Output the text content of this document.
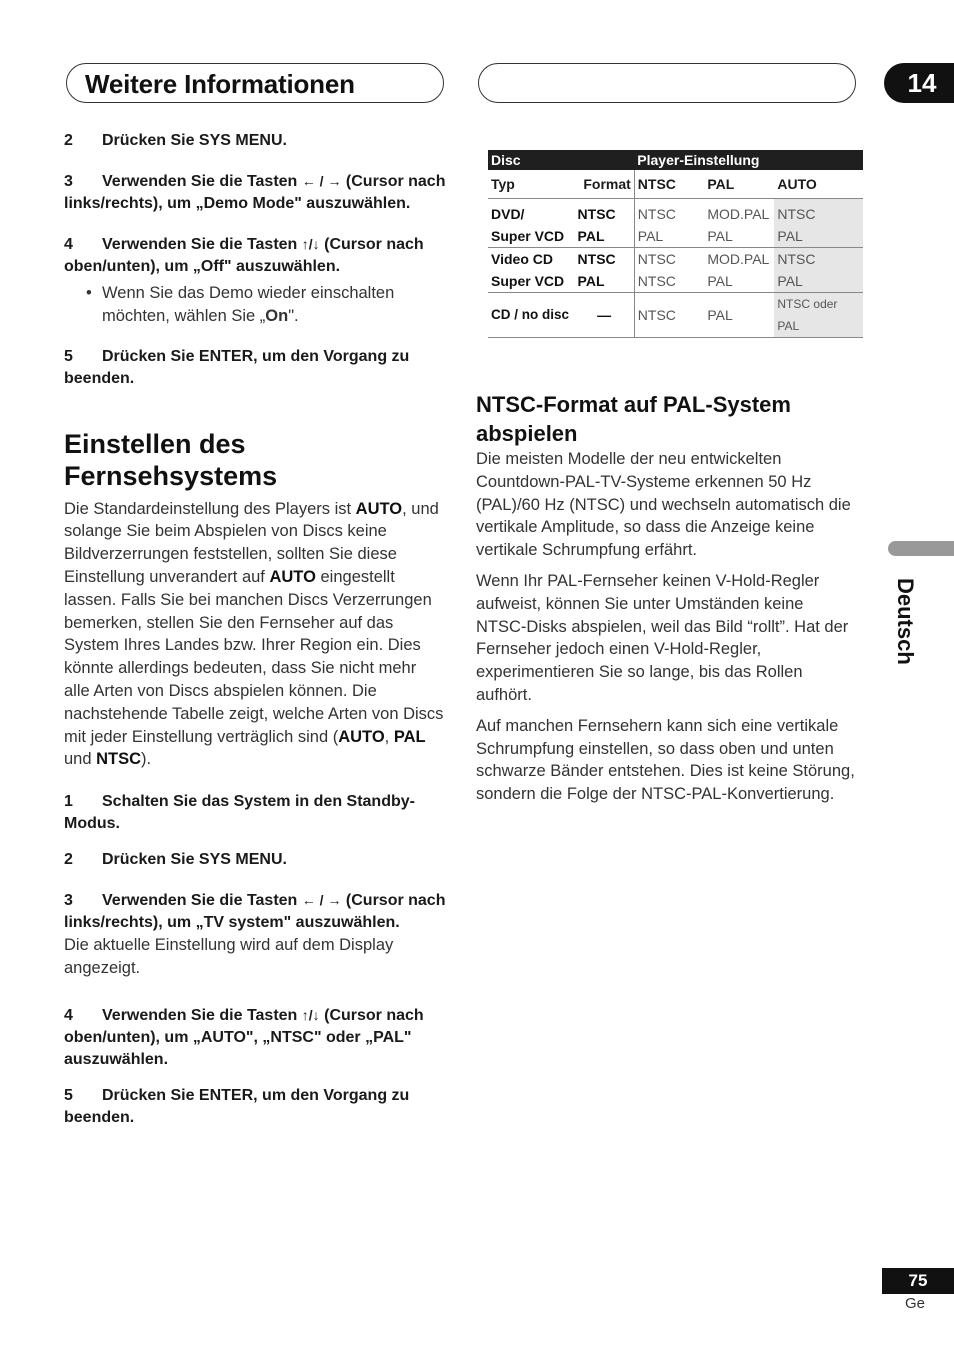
Weitere Informationen	14
2 Drücken Sie SYS MENU.
3 Verwenden Sie die Tasten ← / → (Cursor nach links/rechts), um „Demo Mode" auszuwählen.
4 Verwenden Sie die Tasten ↑/↓ (Cursor nach oben/unten), um „Off" auszuwählen.
• Wenn Sie das Demo wieder einschalten möchten, wählen Sie „On".
5 Drücken Sie ENTER, um den Vorgang zu beenden.
Einstellen des Fernsehsystems

Die Standardeinstellung des Players ist AUTO, und solange Sie beim Abspielen von Discs keine Bildverzerrungen feststellen, sollten Sie diese Einstellung unverandert auf AUTO eingestellt lassen. Falls Sie bei manchen Discs Verzerrungen bemerken, stellen Sie den Fernseher auf das System Ihres Landes bzw. Ihrer Region ein. Dies könnte allerdings bedeuten, dass Sie nicht mehr alle Arten von Discs abspielen können. Die nachstehende Tabelle zeigt, welche Arten von Discs mit jeder Einstellung verträglich sind (AUTO, PAL und NTSC).

1 Schalten Sie das System in den Standby-Modus.
2 Drücken Sie SYS MENU.
3 Verwenden Sie die Tasten ← / → (Cursor nach links/rechts), um „TV system" auszuwählen.

Die aktuelle Einstellung wird auf dem Display angezeigt.

4 Verwenden Sie die Tasten ↑/↓ (Cursor nach oben/unten), um „AUTO", „NTSC" oder „PAL" auszuwählen.
5 Drücken Sie ENTER, um den Vorgang zu beenden.
Disc		Player-Einstellung		
Typ	Format	NTSC	PAL	AUTO
DVD/	NTSC	NTSC	MOD.PAL	NTSC
Super VCD	PAL	PAL	PAL	PAL
Video CD	NTSC	NTSC	MOD.PAL	NTSC
Super VCD	PAL	NTSC	PAL	PAL
CD / no disc	—	NTSC	PAL	NTSC oder PAL
NTSC-Format auf PAL-System abspielen

Die meisten Modelle der neu entwickelten Countdown-PAL-TV-Systeme erkennen 50 Hz (PAL)/60 Hz (NTSC) und wechseln automatisch die vertikale Amplitude, so dass die Anzeige keine vertikale Schrumpfung erfährt.

Wenn Ihr PAL-Fernseher keinen V-Hold-Regler aufweist, können Sie unter Umständen keine NTSC-Disks abspielen, weil das Bild “rollt”. Hat der Fernseher jedoch einen V-Hold-Regler, experimentieren Sie so lange, bis das Rollen aufhört.

Auf manchen Fernsehern kann sich eine vertikale Schrumpfung einstellen, so dass oben und unten schwarze Bänder entstehen. Dies ist keine Störung, sondern die Folge der NTSC-PAL-Konvertierung.

Deutsch
75
Ge
